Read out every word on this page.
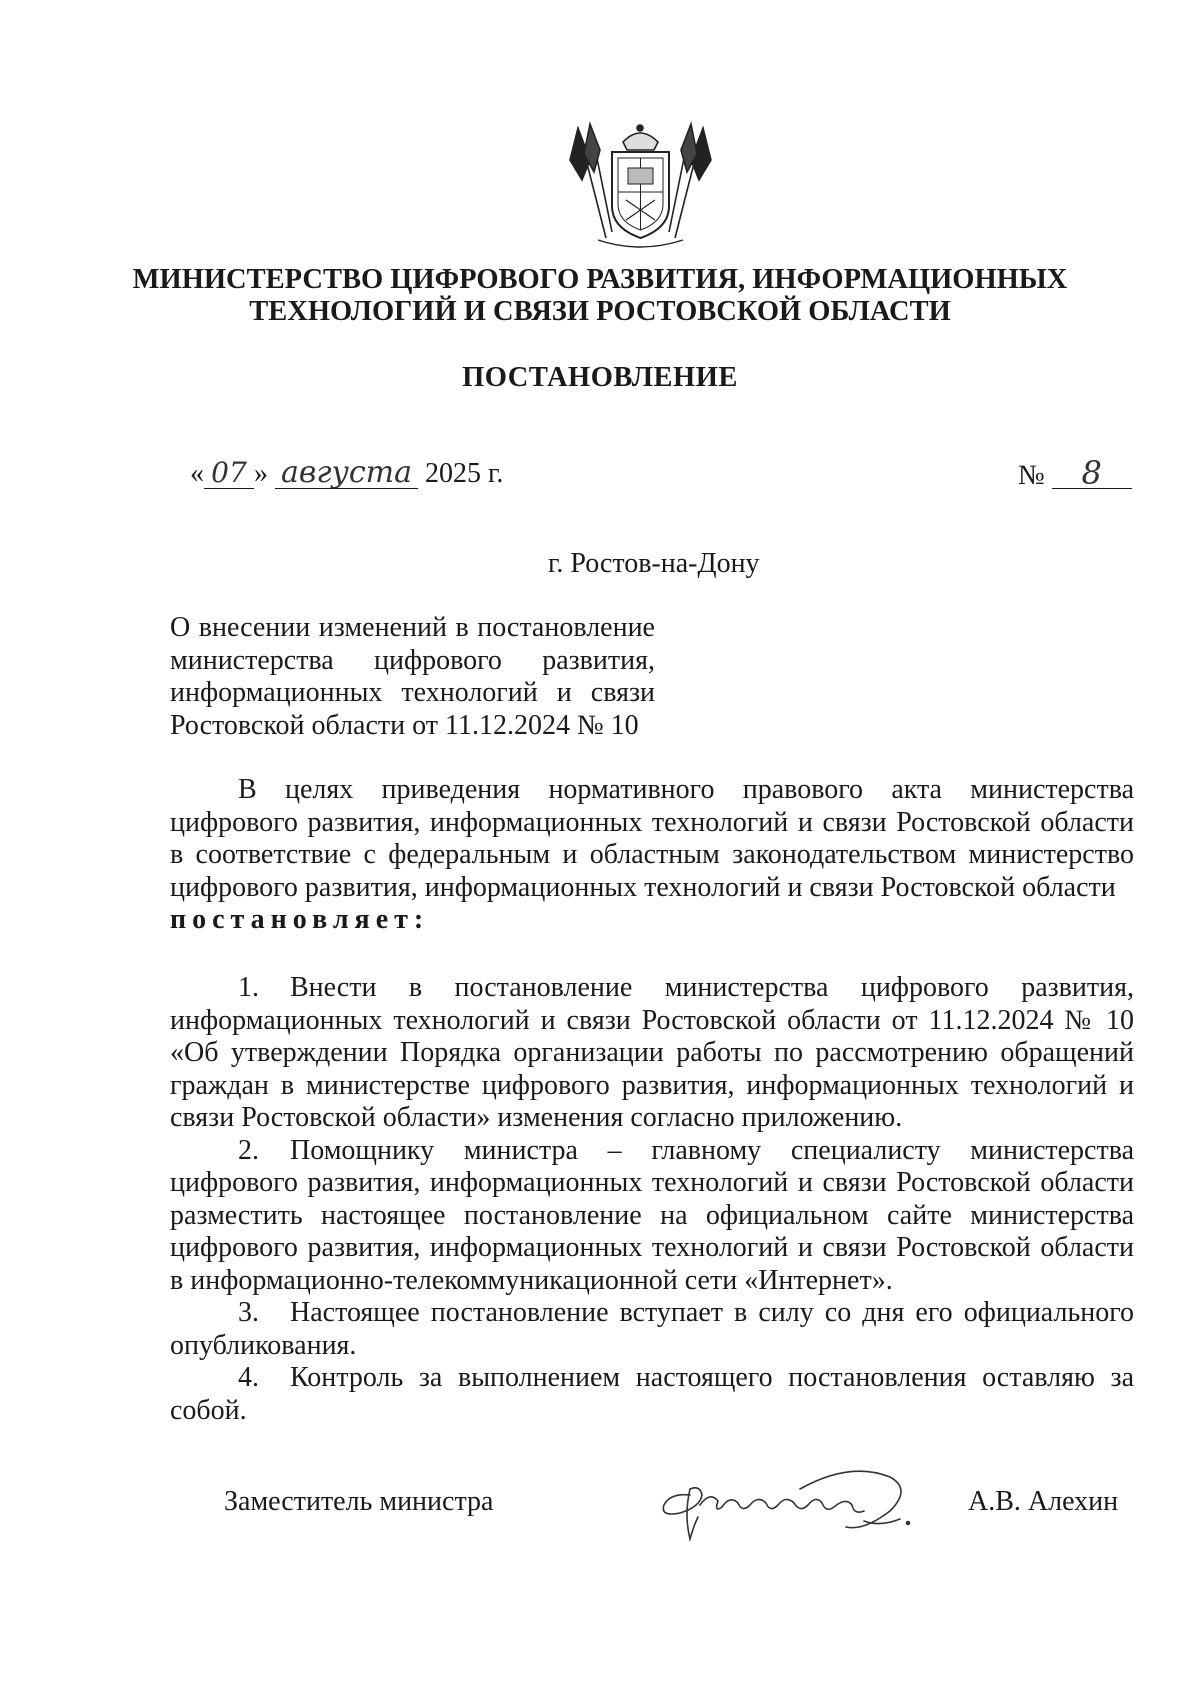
МИНИСТЕРСТВО ЦИФРОВОГО РАЗВИТИЯ, ИНФОРМАЦИОННЫХ
ТЕХНОЛОГИЙ И СВЯЗИ РОСТОВСКОЙ ОБЛАСТИ
ПОСТАНОВЛЕНИЕ
« 07 » августа 2025 г.	№ 8
г. Ростов-на-Дону
О внесении изменений в постановление министерства цифрового развития, информационных технологий и связи Ростовской области от 11.12.2024 № 10

В целях приведения нормативного правового акта министерства цифрового развития, информационных технологий и связи Ростовской области в соответствие с федеральным и областным законодательством министерство цифрового развития, информационных технологий и связи Ростовской области

постановляет:

1. Внести в постановление министерства цифрового развития, информационных технологий и связи Ростовской области от 11.12.2024 № 10 «Об утверждении Порядка организации работы по рассмотрению обращений граждан в министерстве цифрового развития, информационных технологий и связи Ростовской области» изменения согласно приложению.

2. Помощнику министра – главному специалисту министерства цифрового развития, информационных технологий и связи Ростовской области разместить настоящее постановление на официальном сайте министерства цифрового развития, информационных технологий и связи Ростовской области в информационно-телекоммуникационной сети «Интернет».

3. Настоящее постановление вступает в силу со дня его официального опубликования.

4. Контроль за выполнением настоящего постановления оставляю за собой.

Заместитель министра	А.В. Алехин
